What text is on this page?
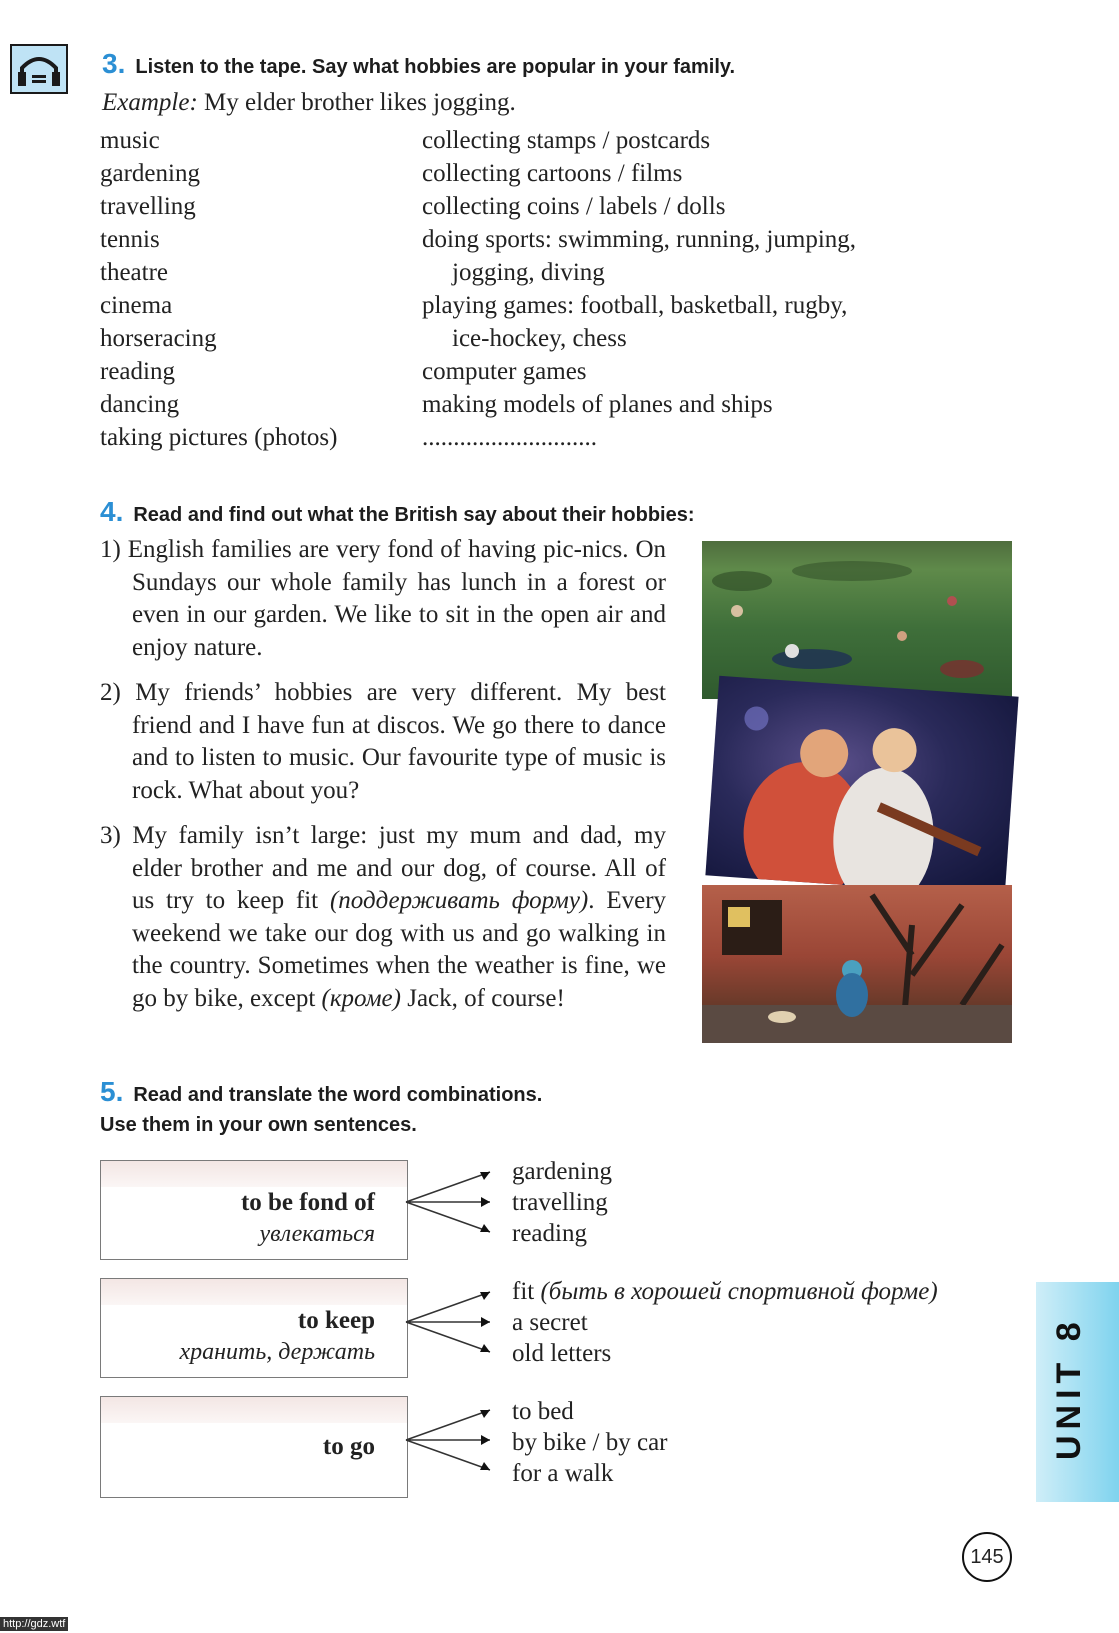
3. Listen to the tape. Say what hobbies are popular in your family.
Example: My elder brother likes jogging.
music
gardening
travelling
tennis
theatre
cinema
horseracing
reading
dancing
taking pictures (photos)
collecting stamps / postcards
collecting cartoons / films
collecting coins / labels / dolls
doing sports: swimming, running, jumping,
jogging, diving
playing games: football, basketball, rugby,
ice-hockey, chess
computer games
making models of planes and ships
............................
4. Read and find out what the British say about their hobbies:
1) English families are very fond of having pic-nics. On Sundays our whole family has lunch in a forest or even in our garden. We like to sit in the open air and enjoy nature.
2) My friends’ hobbies are very different. My best friend and I have fun at discos. We go there to dance and to listen to music. Our favourite type of music is rock. What about you?
3) My family isn’t large: just my mum and dad, my elder brother and me and our dog, of course. All of us try to keep fit (поддерживать форму). Every weekend we take our dog with us and go walking in the country. Sometimes when the weather is fine, we go by bike, except (кроме) Jack, of course!
5. Read and translate the word combinations.
Use them in your own sentences.
to be fond of
увлекаться
gardening
travelling
reading
to keep
хранить, держать
fit (быть в хорошей спортивной форме)
a secret
old letters
to go
to bed
by bike / by car
for a walk
UNIT 8
145
http://gdz.wtf
